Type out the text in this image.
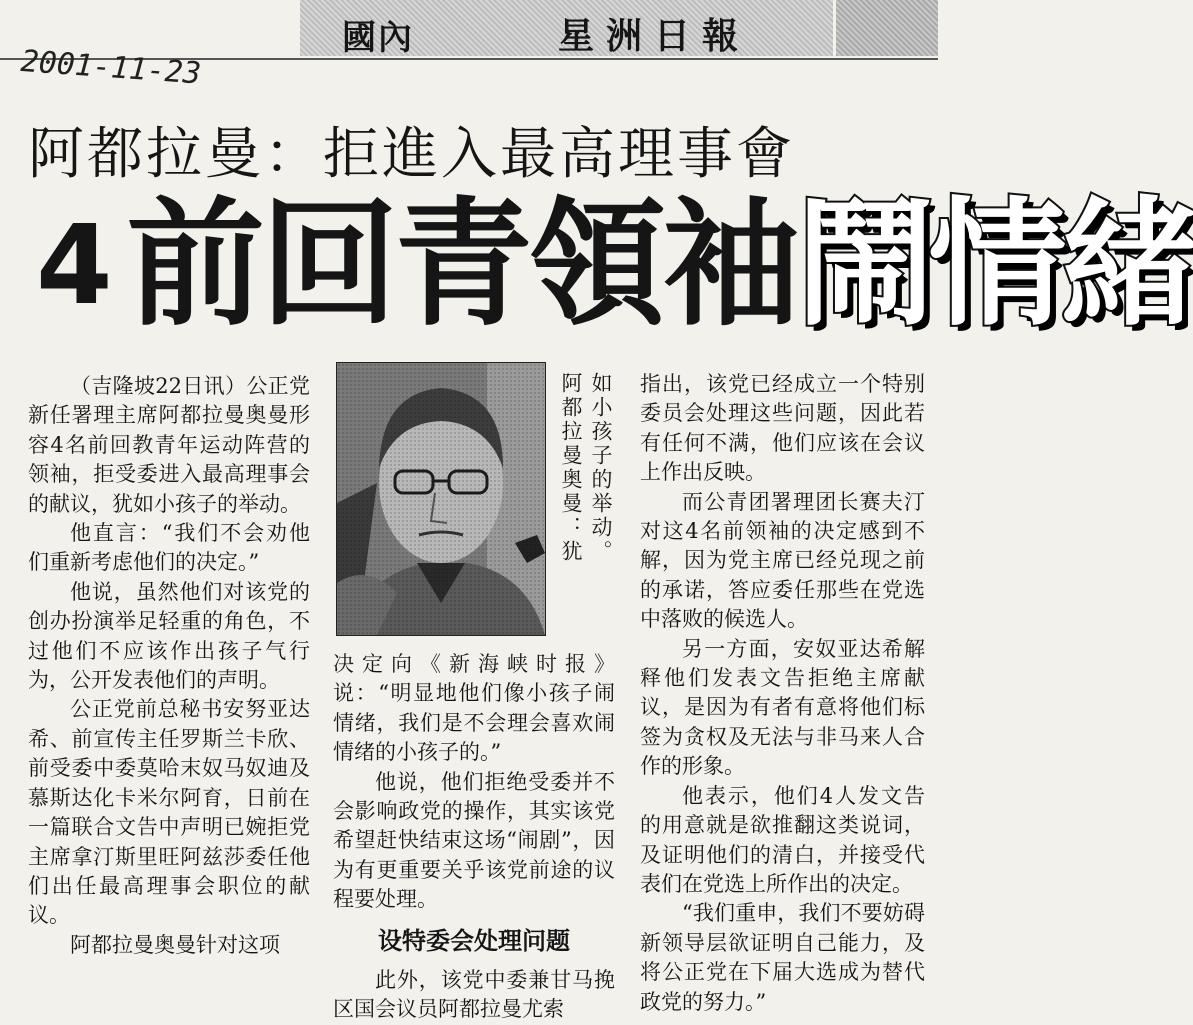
國內	星洲日報
2001-11-23
阿都拉曼：拒進入最高理事會
4 前回青領袖鬧情緒

（吉隆坡22日讯）公正党新任署理主席阿都拉曼奥曼形容4名前回教青年运动阵营的领袖，拒受委进入最高理事会的献议，犹如小孩子的举动。

他直言：“我们不会劝他们重新考虑他们的决定。”

他说，虽然他们对该党的创办扮演举足轻重的角色，不过他们不应该作出孩子气行为，公开发表他们的声明。

公正党前总秘书安努亚达希、前宣传主任罗斯兰卡欣、前受委中委莫哈末奴马奴迪及慕斯达化卡米尔阿育，日前在一篇联合文告中声明已婉拒党主席拿汀斯里旺阿兹莎委任他们出任最高理事会职位的献议。

阿都拉曼奥曼针对这项

如小孩子的举动。
阿都拉曼奥曼：犹

决定向《新海峡时报》说：“明显地他们像小孩子闹情绪，我们是不会理会喜欢闹情绪的小孩子的。”

他说，他们拒绝受委并不会影响政党的操作，其实该党希望赶快结束这场“闹剧”，因为有更重要关乎该党前途的议程要处理。

设特委会处理问题

此外，该党中委兼甘马挽区国会议员阿都拉曼尤索

指出，该党已经成立一个特别委员会处理这些问题，因此若有任何不满，他们应该在会议上作出反映。

而公青团署理团长赛夫汀对这4名前领袖的决定感到不解，因为党主席已经兑现之前的承诺，答应委任那些在党选中落败的候选人。

另一方面，安奴亚达希解释他们发表文告拒绝主席献议，是因为有者有意将他们标签为贪权及无法与非马来人合作的形象。

他表示，他们4人发文告的用意就是欲推翻这类说词，及证明他们的清白，并接受代表们在党选上所作出的决定。

“我们重申，我们不要妨碍新领导层欲证明自己能力，及将公正党在下届大选成为替代政党的努力。”
